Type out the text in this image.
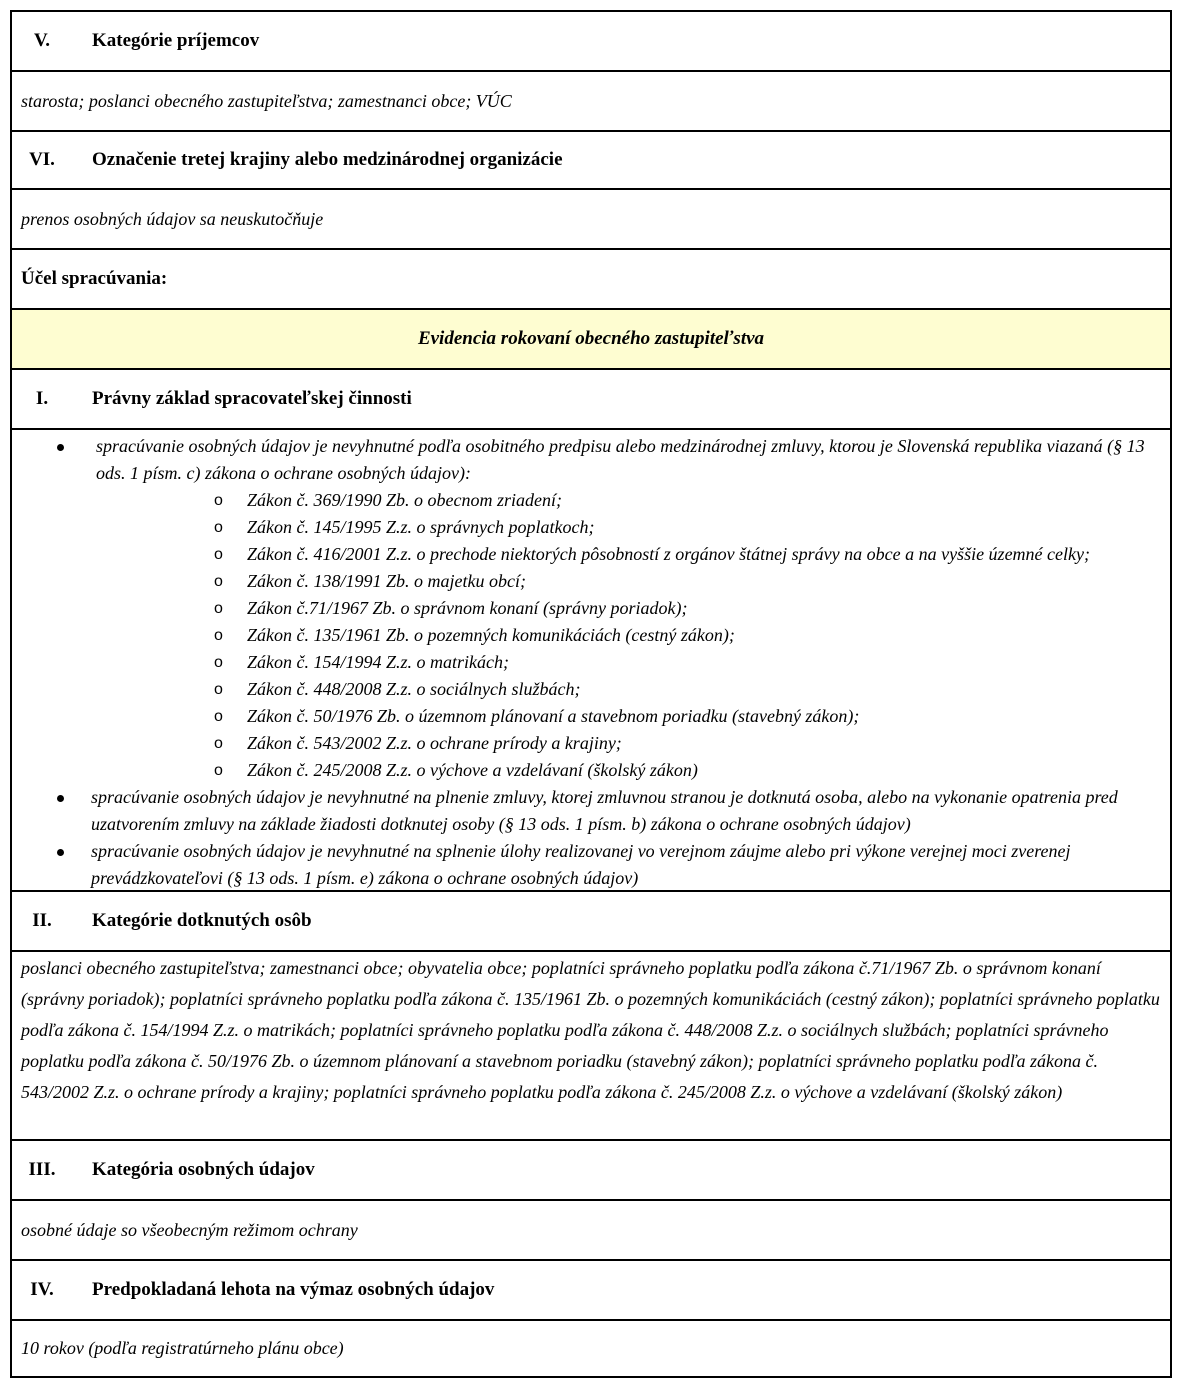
V.	Kategórie príjemcov
starosta; poslanci obecného zastupiteľstva; zamestnanci obce; VÚC
VI.	Označenie tretej krajiny alebo medzinárodnej organizácie
prenos osobných údajov sa neuskutočňuje
Účel spracúvania:
Evidencia rokovaní obecného zastupiteľstva
I.	Právny základ spracovateľskej činnosti
spracúvanie osobných údajov je nevyhnutné podľa osobitného predpisu alebo medzinárodnej zmluvy, ktorou je Slovenská republika viazaná (§ 13 ods. 1 písm. c) zákona o ochrane osobných údajov):
o Zákon č. 369/1990 Zb. o obecnom zriadení;
o Zákon č. 145/1995 Z.z. o správnych poplatkoch;
o Zákon č. 416/2001 Z.z. o prechode niektorých pôsobností z orgánov štátnej správy na obce a na vyššie územné celky;
o Zákon č. 138/1991 Zb. o majetku obcí;
o Zákon č.71/1967 Zb. o správnom konaní (správny poriadok);
o Zákon č. 135/1961 Zb. o pozemných komunikáciách (cestný zákon);
o Zákon č. 154/1994 Z.z. o matrikách;
o Zákon č. 448/2008 Z.z. o sociálnych službách;
o Zákon č. 50/1976 Zb. o územnom plánovaní a stavebnom poriadku (stavebný zákon);
o Zákon č. 543/2002 Z.z. o ochrane prírody a krajiny;
o Zákon č. 245/2008 Z.z. o výchove a vzdelávaní (školský zákon)
spracúvanie osobných údajov je nevyhnutné na plnenie zmluvy, ktorej zmluvnou stranou je dotknutá osoba, alebo na vykonanie opatrenia pred uzatvorením zmluvy na základe žiadosti dotknutej osoby (§ 13 ods. 1 písm. b) zákona o ochrane osobných údajov)
spracúvanie osobných údajov je nevyhnutné na splnenie úlohy realizovanej vo verejnom záujme alebo pri výkone verejnej moci zverenej prevádzkovateľovi (§ 13 ods. 1 písm. e) zákona o ochrane osobných údajov)
II.	Kategórie dotknutých osôb
poslanci obecného zastupiteľstva; zamestnanci obce; obyvatelia obce; poplatníci správneho poplatku podľa zákona č.71/1967 Zb. o správnom konaní (správny poriadok); poplatníci správneho poplatku podľa zákona č. 135/1961 Zb. o pozemných komunikáciách (cestný zákon); poplatníci správneho poplatku podľa zákona č. 154/1994 Z.z. o matrikách; poplatníci správneho poplatku podľa zákona č. 448/2008 Z.z. o sociálnych službách; poplatníci správneho poplatku podľa zákona č. 50/1976 Zb. o územnom plánovaní a stavebnom poriadku (stavebný zákon); poplatníci správneho poplatku podľa zákona č. 543/2002 Z.z. o ochrane prírody a krajiny; poplatníci správneho poplatku podľa zákona č. 245/2008 Z.z. o výchove a vzdelávaní (školský zákon)
III.	Kategória osobných údajov
osobné údaje so všeobecným režimom ochrany
IV.	Predpokladaná lehota na výmaz osobných údajov
10 rokov (podľa registratúrneho plánu obce)
